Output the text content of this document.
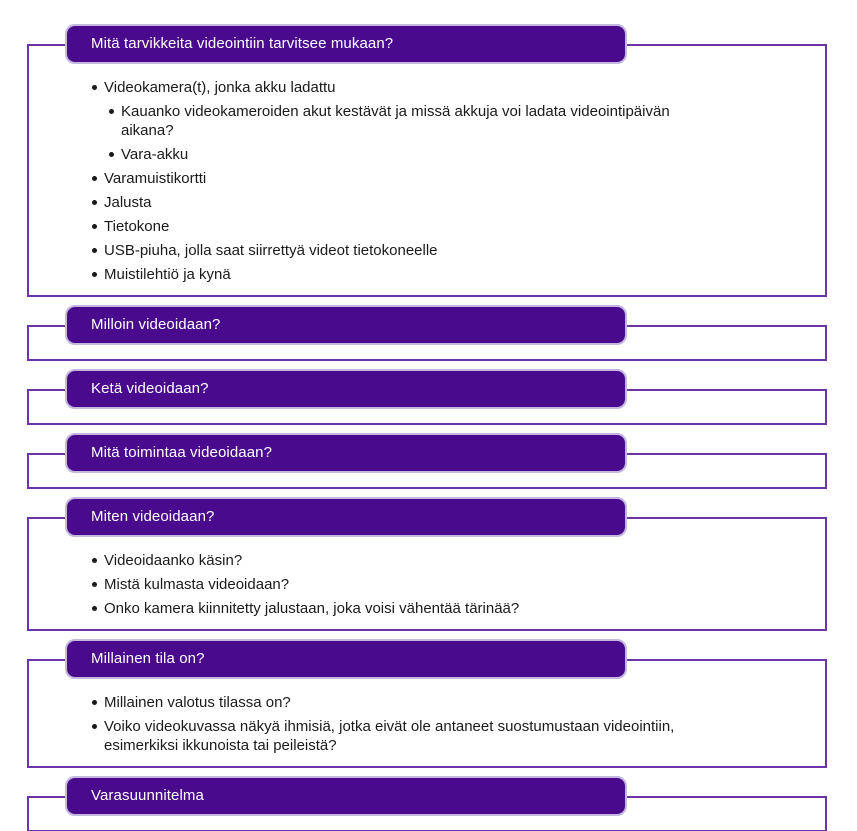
Mitä tarvikkeita videointiin tarvitsee mukaan?
Videokamera(t), jonka akku ladattu
Kauanko videokameroiden akut kestävät ja missä akkuja voi ladata videointipäivän aikana?
Vara-akku
Varamuistikortti
Jalusta
Tietokone
USB-piuha, jolla saat siirrettyä videot tietokoneelle
Muistilehtiö ja kynä
Milloin videoidaan?
Ketä videoidaan?
Mitä toimintaa videoidaan?
Miten videoidaan?
Videoidaanko käsin?
Mistä kulmasta videoidaan?
Onko kamera kiinnitetty jalustaan, joka voisi vähentää tärinää?
Millainen tila on?
Millainen valotus tilassa on?
Voiko videokuvassa näkyä ihmisiä, jotka eivät ole antaneet suostumustaan videointiin, esimerkiksi ikkunoista tai peileistä?
Varasuunnitelma
